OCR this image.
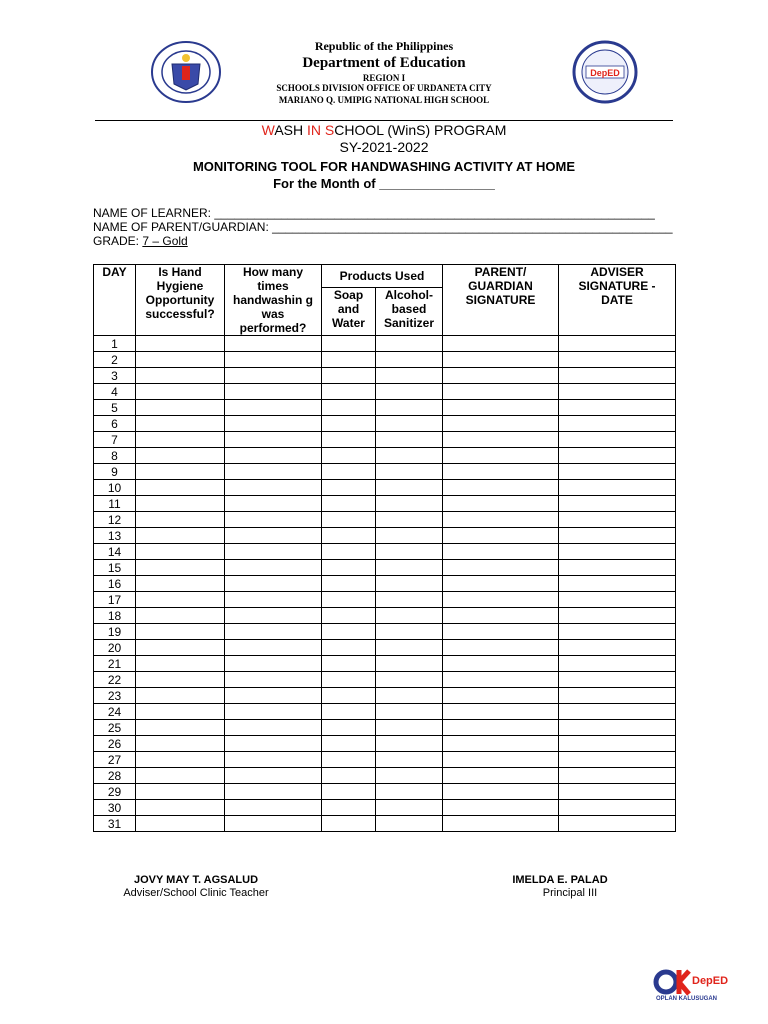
DepED
Republic of the Philippines
Department of Education
REGION I
SCHOOLS DIVISION OFFICE OF URDANETA CITY
MARIANO Q. UMIPIG NATIONAL HIGH SCHOOL
WASH IN SCHOOL (WinS) PROGRAM
SY-2021-2022
MONITORING TOOL FOR HANDWASHING ACTIVITY AT HOME
For the Month of ________________
NAME OF LEARNER: __________________________________________________________________
NAME OF PARENT/GUARDIAN: ____________________________________________________________
GRADE: 7 – Gold
DAY	Is Hand Hygiene Opportunity successful?	How many times handwashin g was performed?	Products Used		PARENT/ GUARDIAN SIGNATURE	ADVISER SIGNATURE - DATE
			Soap and Water	Alcohol-based Sanitizer		
1						
2						
3						
4						
5						
6						
7						
8						
9						
10						
11						
12						
13						
14						
15						
16						
17						
18						
19						
20						
21						
22						
23						
24						
25						
26						
27						
28						
29						
30						
31						
JOVY MAY T. AGSALUD
Adviser/School Clinic Teacher
IMELDA E. PALAD
Principal III
DepED
OPLAN KALUSUGAN
